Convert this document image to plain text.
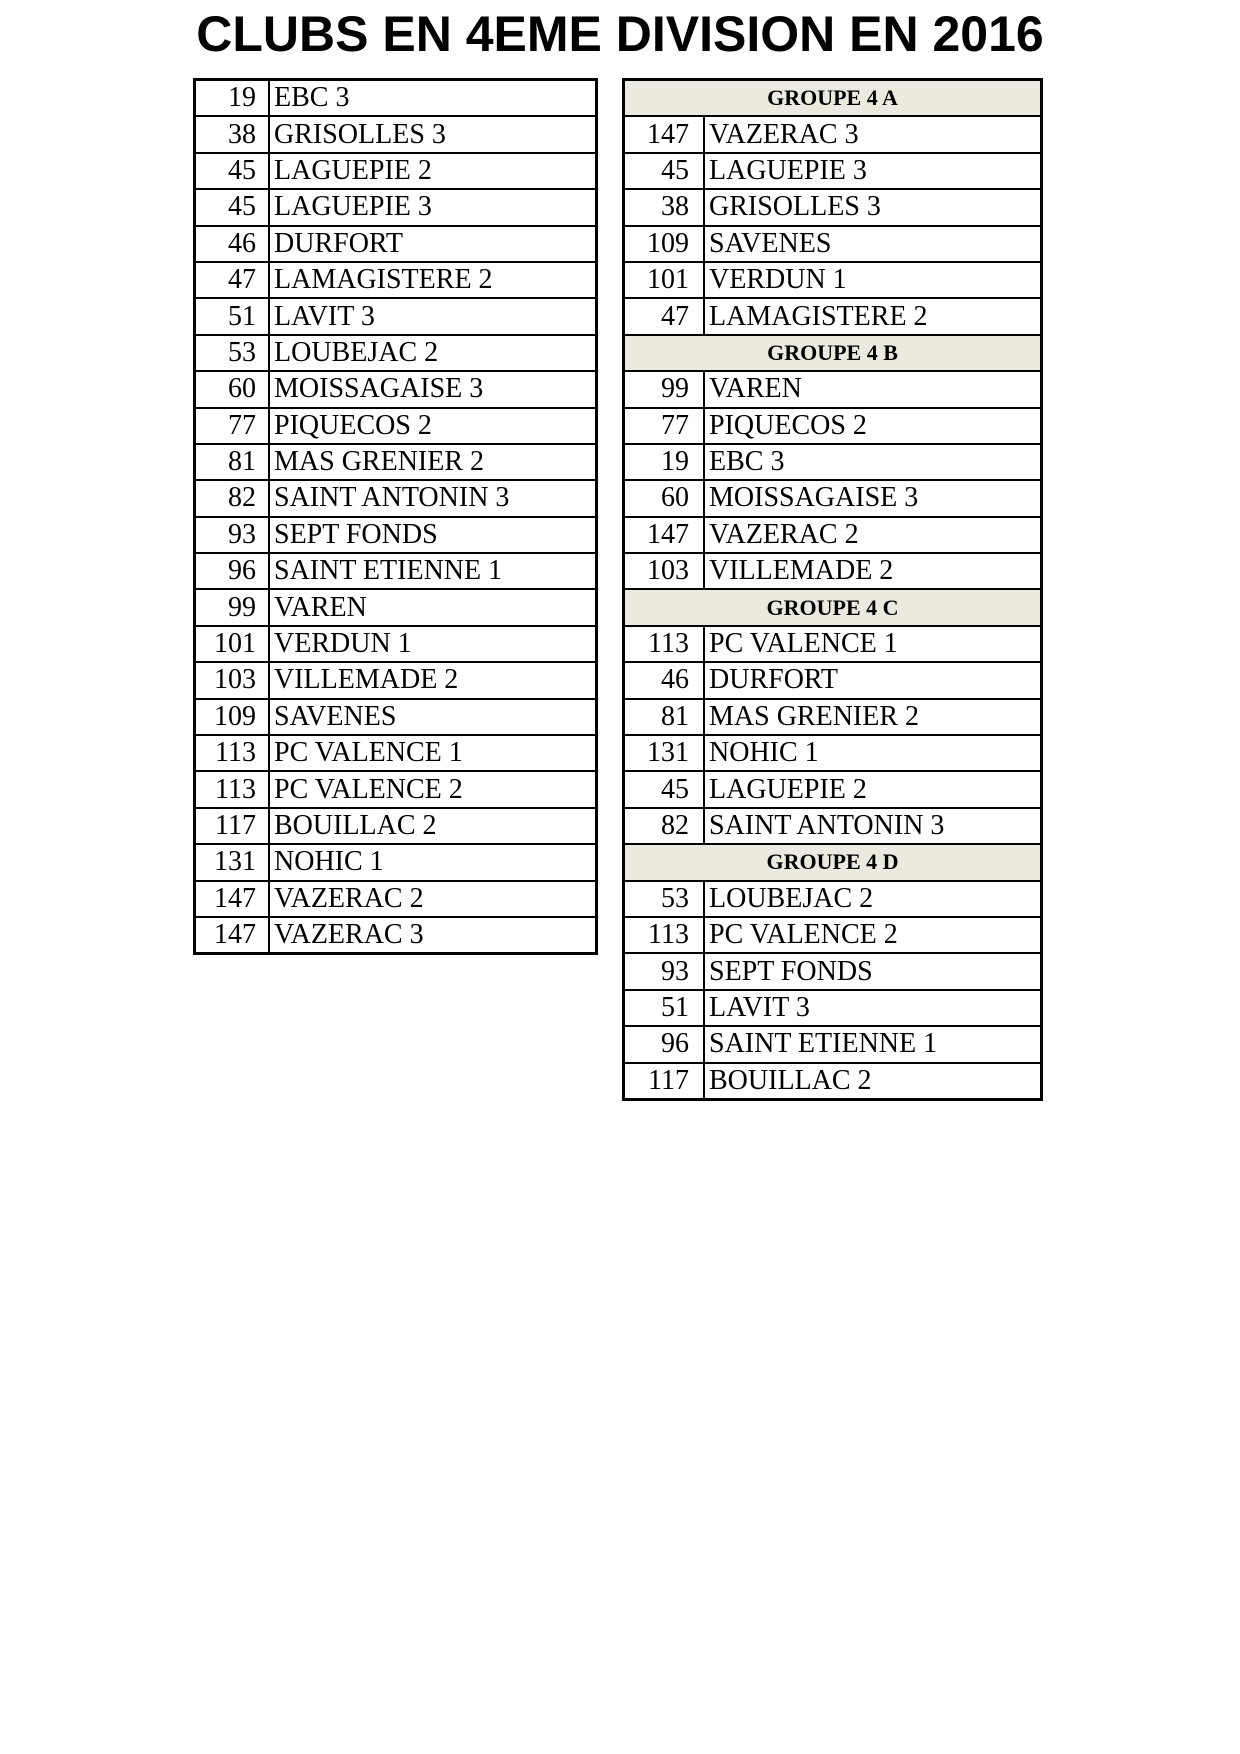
CLUBS EN 4EME DIVISION EN 2016
19	EBC 3
38	GRISOLLES 3
45	LAGUEPIE 2
45	LAGUEPIE 3
46	DURFORT
47	LAMAGISTERE 2
51	LAVIT 3
53	LOUBEJAC 2
60	MOISSAGAISE 3
77	PIQUECOS 2
81	MAS GRENIER 2
82	SAINT ANTONIN 3
93	SEPT FONDS
96	SAINT ETIENNE 1
99	VAREN
101	VERDUN 1
103	VILLEMADE 2
109	SAVENES
113	PC VALENCE 1
113	PC VALENCE 2
117	BOUILLAC 2
131	NOHIC 1
147	VAZERAC 2
147	VAZERAC 3
GROUPE 4 A	
147	VAZERAC 3
45	LAGUEPIE 3
38	GRISOLLES 3
109	SAVENES
101	VERDUN 1
47	LAMAGISTERE 2
GROUPE 4 B	
99	VAREN
77	PIQUECOS 2
19	EBC 3
60	MOISSAGAISE 3
147	VAZERAC 2
103	VILLEMADE 2
GROUPE 4 C	
113	PC VALENCE 1
46	DURFORT
81	MAS GRENIER 2
131	NOHIC 1
45	LAGUEPIE 2
82	SAINT ANTONIN 3
GROUPE 4 D	
53	LOUBEJAC 2
113	PC VALENCE 2
93	SEPT FONDS
51	LAVIT 3
96	SAINT ETIENNE 1
117	BOUILLAC 2
